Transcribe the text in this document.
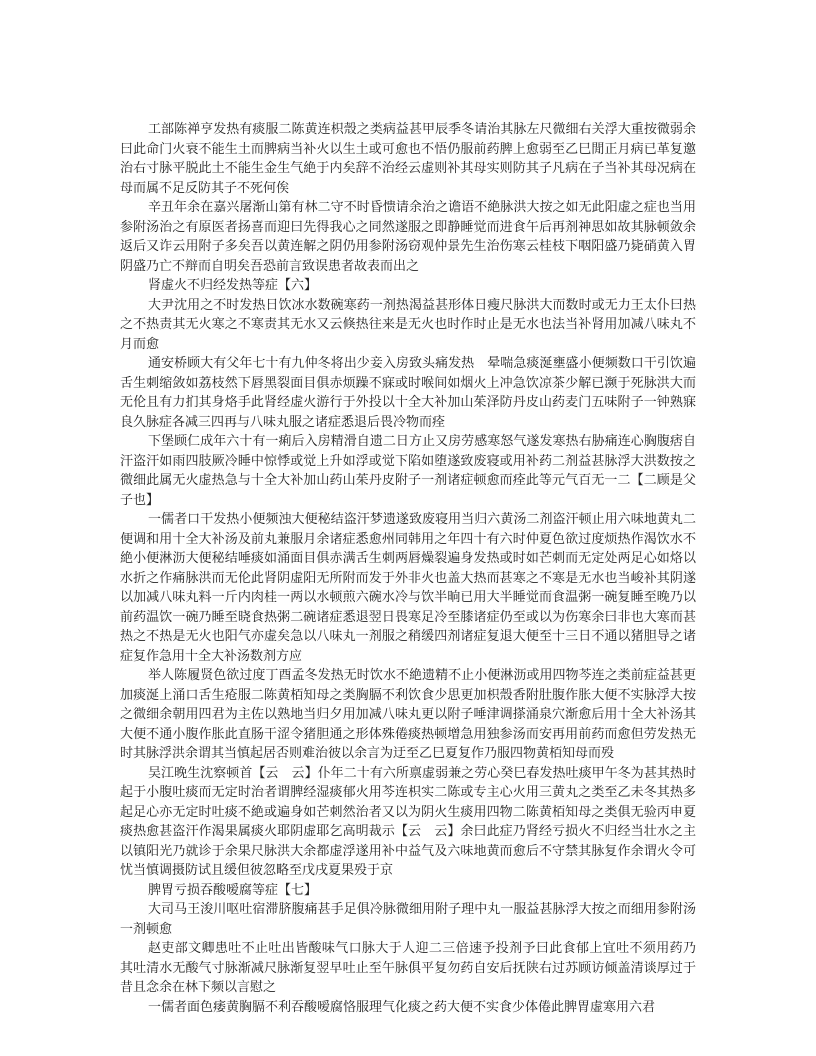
工部陈禅亨发热有痰服二陈黄连枳殼之类病益甚甲辰季冬请治其脉左尺微细右关浮大重按微弱余曰此命门火衰不能生土而脾病当补火以生土或可愈也不悟仍服前药脾上愈弱至乙巳閒正月病已革复邀治右寸脉平脱此土不能生金生气絶于内矣辞不治经云虚则补其母实则防其子凡病在子当补其母况病在母而属不足反防其子不死何俟

辛丑年余在嘉兴屠渐山第有林二守不时昏愦请余治之谵语不絶脉洪大按之如无此阳虚之症也当用参附汤治之有原医者扬喜而迎曰先得我心之同然遂服之即静睡觉而进食午后再剂神思如故其脉顿敛余返后又诈云用附子多矣吾以黄连解之阴仍用参附汤窃观仲景先生治伤寒云桂枝下咽阳盛乃毙硝黄入胃阴盛乃亡不辩而自明矣吾恐前言致误患者故表而出之

肾虚火不归经发热等症【六】

大尹沈用之不时发热日饮冰水数碗寒药一剂热渴益甚形体日瘦尺脉洪大而数时或无力王太仆曰热之不热责其无火寒之不寒责其无水又云倏热往来是无火也时作时止是无水也法当补肾用加减八味丸不月而愈

通安桥顾大有父年七十有九仲冬将出少妾入房致头痛发热　晕喘急痰涎壅盛小便频数口干引饮遍舌生刺缩敛如荔枝然下唇黑裂面目俱赤烦躁不寐或时喉间如烟火上冲急饮凉茶少解已濒于死脉洪大而无伦且有力扪其身烙手此肾经虚火游行于外投以十全大补加山茱泽防丹皮山药麦门五味附子一钟熟寐良久脉症各减三四再与八味丸服之诸症悉退后畏冷物而痊

下堡顾仁成年六十有一痢后入房精滑自遗二日方止又房劳感寒怒气遂发寒热右胁痛连心胸腹痞自汗盗汗如雨四肢厥冷睡中惊悸或觉上升如浮或觉下陷如堕遂致废寝或用补药二剂益甚脉浮大洪数按之微细此属无火虚热急与十全大补加山药山茱丹皮附子一剂诸症顿愈而痊此等元气百无一二【二顾是父子也】

一儒者口干发热小便频浊大便秘结盗汗梦遗遂致废寝用当归六黄汤二剂盗汗顿止用六味地黄丸二便调和用十全大补汤及前丸兼服月余诸症悉愈州同韩用之年四十有六时仲夏色欲过度烦热作渴饮水不絶小便淋沥大便秘结唾痰如涌面目俱赤满舌生刺两唇燥裂遍身发热或时如芒刺而无定处两足心如烙以水折之作痛脉洪而无伦此肾阴虚阳无所附而发于外非火也盖大热而甚寒之不寒是无水也当峻补其阴遂以加减八味丸料一斤内肉桂一两以水顿煎六碗水冷与饮半晌已用大半睡觉而食温粥一碗复睡至晚乃以前药温饮一碗乃睡至晓食热粥二碗诸症悉退翌日畏寒足冷至膝诸症仍至或以为伤寒余曰非也大寒而甚热之不热是无火也阳气亦虚矣急以八味丸一剂服之稍缓四剂诸症复退大便至十三日不通以猪胆导之诸症复作急用十全大补汤数剂方应

举人陈履贤色欲过度丁酉孟冬发热无时饮水不絶遗精不止小便淋沥或用四物芩连之类前症益甚更加痰涎上涌口舌生疮服二陈黄栢知母之类胸膈不利饮食少思更加枳殼香附肚腹作胀大便不实脉浮大按之微细余朝用四君为主佐以熟地当归夕用加减八味丸更以附子唾津调搽涌泉穴渐愈后用十全大补汤其大便不通小腹作胀此直肠干涩令猪胆通之形体殊倦痰热顿增急用独参汤而安再用前药而愈但劳发热无时其脉浮洪余谓其当慎起居否则难治彼以余言为迂至乙巳夏复作乃服四物黄栢知母而殁

吴江晚生沈察顿首【云　云】仆年二十有六所禀虚弱兼之劳心癸巳春发热吐痰甲午冬为甚其热时起于小腹吐痰而无定时治者谓脾经湿痰郁火用芩连枳实二陈或专主心火用三黄丸之类至乙未冬其热多起足心亦无定时吐痰不絶或遍身如芒刺然治者又以为阴火生痰用四物二陈黄栢知母之类俱无验丙申夏痰热愈甚盗汗作渴果属痰火耶阴虚耶乞高明裁示【云　云】余曰此症乃肾经亏损火不归经当壮水之主以镇阳光乃就诊于余果尺脉洪大余都虚浮遂用补中益气及六味地黄而愈后不守禁其脉复作余谓火令可忧当慎调摄防试且缓但彼忽略至戊戌夏果殁于京

脾胃亏损吞酸嗳腐等症【七】

大司马王浚川呕吐宿滞脐腹痛甚手足俱冷脉微细用附子理中丸一服益甚脉浮大按之而细用参附汤一剂顿愈

赵吏部文卿患吐不止吐出皆酸味气口脉大于人迎二三倍速予投剂予曰此食郁上宜吐不须用药乃　其吐清水无酸气寸脉渐减尺脉渐复翌早吐止至午脉俱平复勿药自安后抚陕右过苏顾访倾盖清谈厚过于昔且念余在林下频以言慰之

一儒者面色痿黄胸膈不利吞酸嗳腐恪服理气化痰之药大便不实食少体倦此脾胃虚寒用六君
